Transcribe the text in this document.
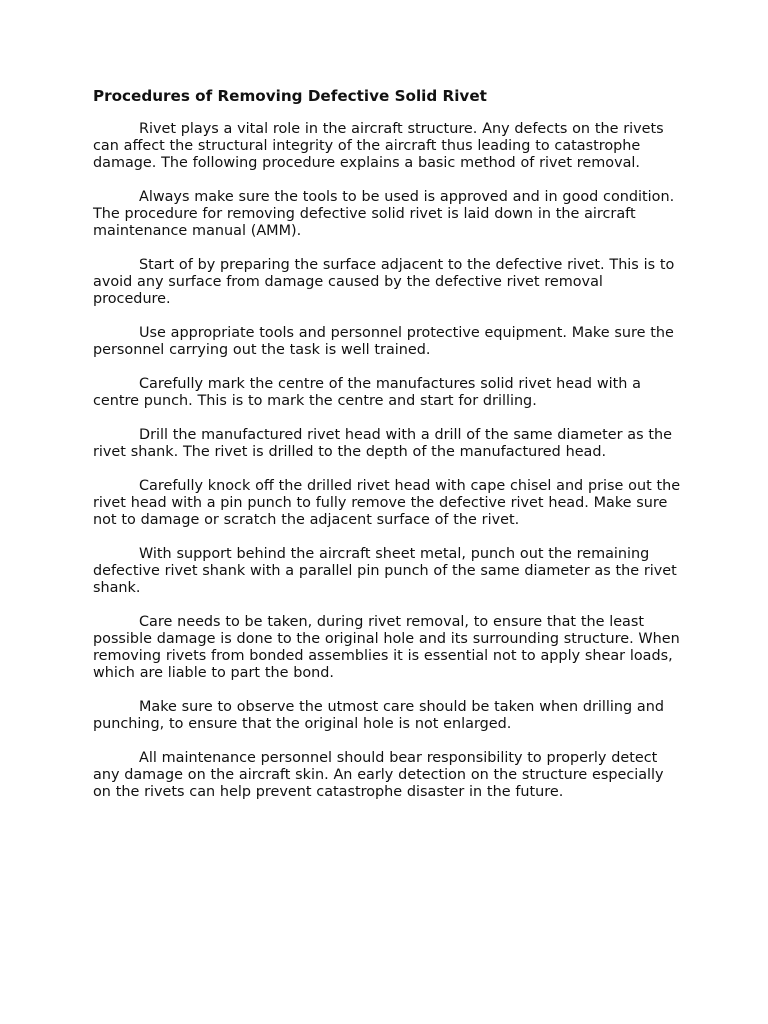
Procedures of Removing Defective Solid Rivet

Rivet plays a vital role in the aircraft structure. Any defects on the rivets can affect the structural integrity of the aircraft thus leading to catastrophe damage. The following procedure explains a basic method of rivet removal.

Always make sure the tools to be used is approved and in good condition. The procedure for removing defective solid rivet is laid down in the aircraft maintenance manual (AMM).

Start of by preparing the surface adjacent to the defective rivet. This is to avoid any surface from damage caused by the defective rivet removal procedure.

Use appropriate tools and personnel protective equipment. Make sure the personnel carrying out the task is well trained.

Carefully mark the centre of the manufactures solid rivet head with a centre punch. This is to mark the centre and start for drilling.

Drill the manufactured rivet head with a drill of the same diameter as the rivet shank. The rivet is drilled to the depth of the manufactured head.

Carefully knock off the drilled rivet head with cape chisel and prise out the rivet head with a pin punch to fully remove the defective rivet head. Make sure not to damage or scratch the adjacent surface of the rivet.

With support behind the aircraft sheet metal, punch out the remaining defective rivet shank with a parallel pin punch of the same diameter as the rivet shank.

Care needs to be taken, during rivet removal, to ensure that the least possible damage is done to the original hole and its surrounding structure. When removing rivets from bonded assemblies it is essential not to apply shear loads, which are liable to part the bond.

Make sure to observe the utmost care should be taken when drilling and punching, to ensure that the original hole is not enlarged.

All maintenance personnel should bear responsibility to properly detect any damage on the aircraft skin. An early detection on the structure especially on the rivets can help prevent catastrophe disaster in the future.
